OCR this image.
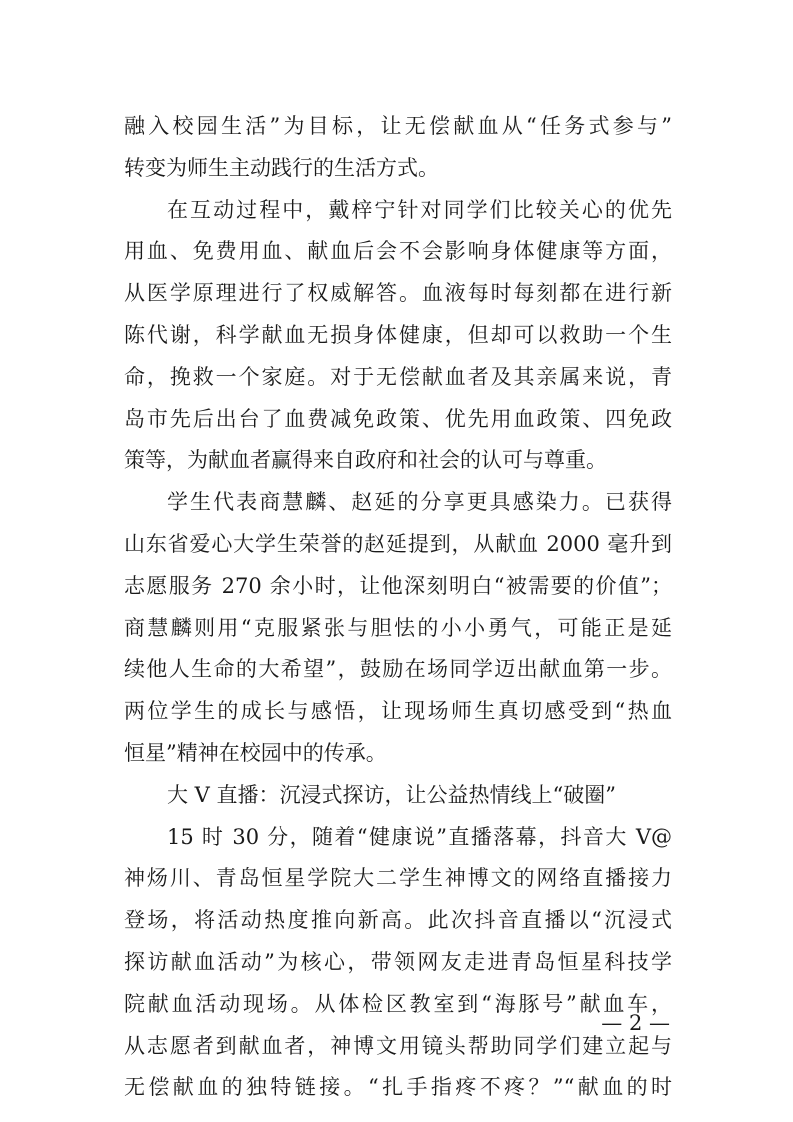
融入校园生活”为目标，让无偿献血从“任务式参与”
转变为师生主动践行的生活方式。
在互动过程中，戴梓宁针对同学们比较关心的优先
用血、免费用血、献血后会不会影响身体健康等方面，
从医学原理进行了权威解答。血液每时每刻都在进行新
陈代谢，科学献血无损身体健康，但却可以救助一个生
命，挽救一个家庭。对于无偿献血者及其亲属来说，青
岛市先后出台了血费减免政策、优先用血政策、四免政
策等，为献血者赢得来自政府和社会的认可与尊重。
学生代表商慧麟、赵延的分享更具感染力。已获得
山东省爱心大学生荣誉的赵延提到，从献血 2000 毫升到
志愿服务 270 余小时，让他深刻明白“被需要的价值”；
商慧麟则用“克服紧张与胆怯的小小勇气，可能正是延
续他人生命的大希望”，鼓励在场同学迈出献血第一步。
两位学生的成长与感悟，让现场师生真切感受到“热血
恒星”精神在校园中的传承。
大 V 直播：沉浸式探访，让公益热情线上“破圈”
15 时 30 分，随着“健康说”直播落幕，抖音大 V@
神炀川、青岛恒星学院大二学生神博文的网络直播接力
登场，将活动热度推向新高。此次抖音直播以“沉浸式
探访献血活动”为核心，带领网友走进青岛恒星科技学
院献血活动现场。从体检区教室到“海豚号”献血车，
从志愿者到献血者，神博文用镜头帮助同学们建立起与
无偿献血的独特链接。“扎手指疼不疼？”“献血的时
— 2 —
